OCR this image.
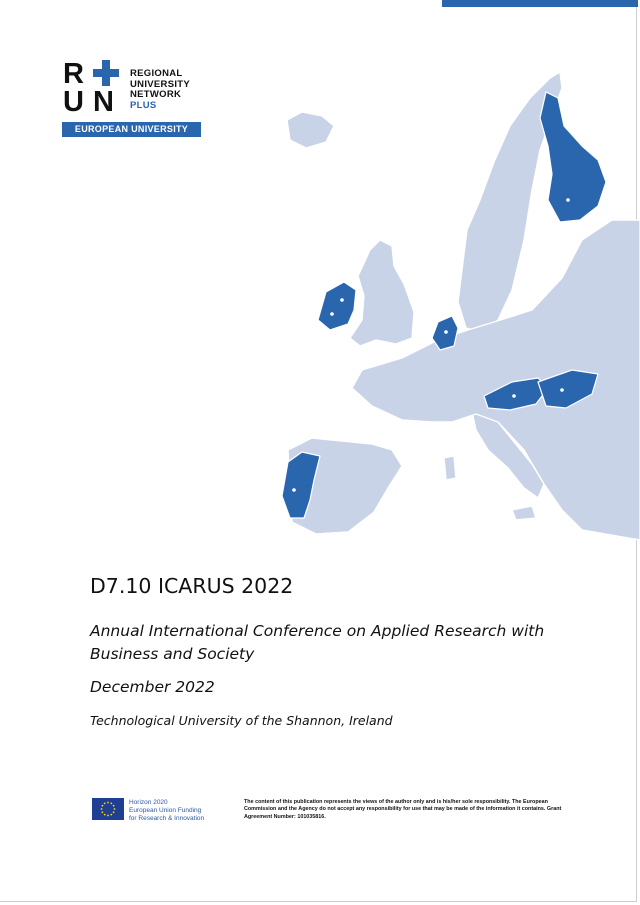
R
U N
REGIONAL
UNIVERSITY
NETWORK
PLUS
EUROPEAN UNIVERSITY
D7.10 ICARUS 2022

Annual International Conference on Applied Research with Business and Society

December 2022
Technological University of the Shannon, Ireland
Horizon 2020
European Union Funding
for Research & Innovation
The content of this publication represents the views of the author only and is his/her sole responsibility. The European Commission and the Agency do not accept any responsibility for use that may be made of the information it contains. Grant Agreement Number: 101035816.
